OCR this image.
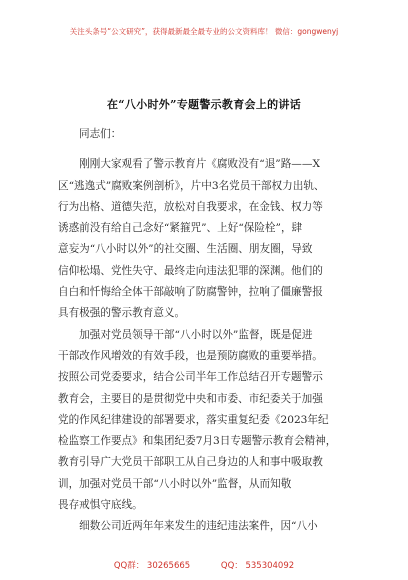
关注头条号“公文研究”，获得最新最全最专业的公文资料库！ 微信：gongwenyj
在“八小时外”专题警示教育会上的讲话
同志们：
　　刚刚大家观看了警示教育片《腐败没有“退”路——X
区“逃逸式”腐败案例剖析》，片中3名党员干部权力出轨、
行为出格、道德失范，放松对自我要求，在金钱、权力等
诱惑前没有给自己念好“紧箍咒”、上好“保险栓”，肆
意妄为“八小时以外”的社交圈、生活圈、朋友圈，导致
信仰松塌、党性失守、最终走向违法犯罪的深渊。他们的
自白和忏悔给全体干部敲响了防腐警钟，拉响了僵廉警报
具有极强的警示教育意义。
　　加强对党员领导干部“八小时以外”监督，既是促进
干部改作风增效的有效手段，也是预防腐败的重要举措。
按照公司党委要求，结合公司半年工作总结召开专题警示
教育会，主要目的是贯彻党中央和市委、市纪委关于加强
党的作风纪律建设的部署要求，落实重复纪委《2023年纪
检监察工作要点》和集团纪委7月3日专题警示教育会精神，
教育引导广大党员干部职工从自己身边的人和事中吸取教
训，加强对党员干部“八小时以外”监督，从而知敬
畏存戒惧守底线。
　　细数公司近两年年来发生的违纪违法案件，因“八小
QQ群： 30265665	QQ： 535304092
